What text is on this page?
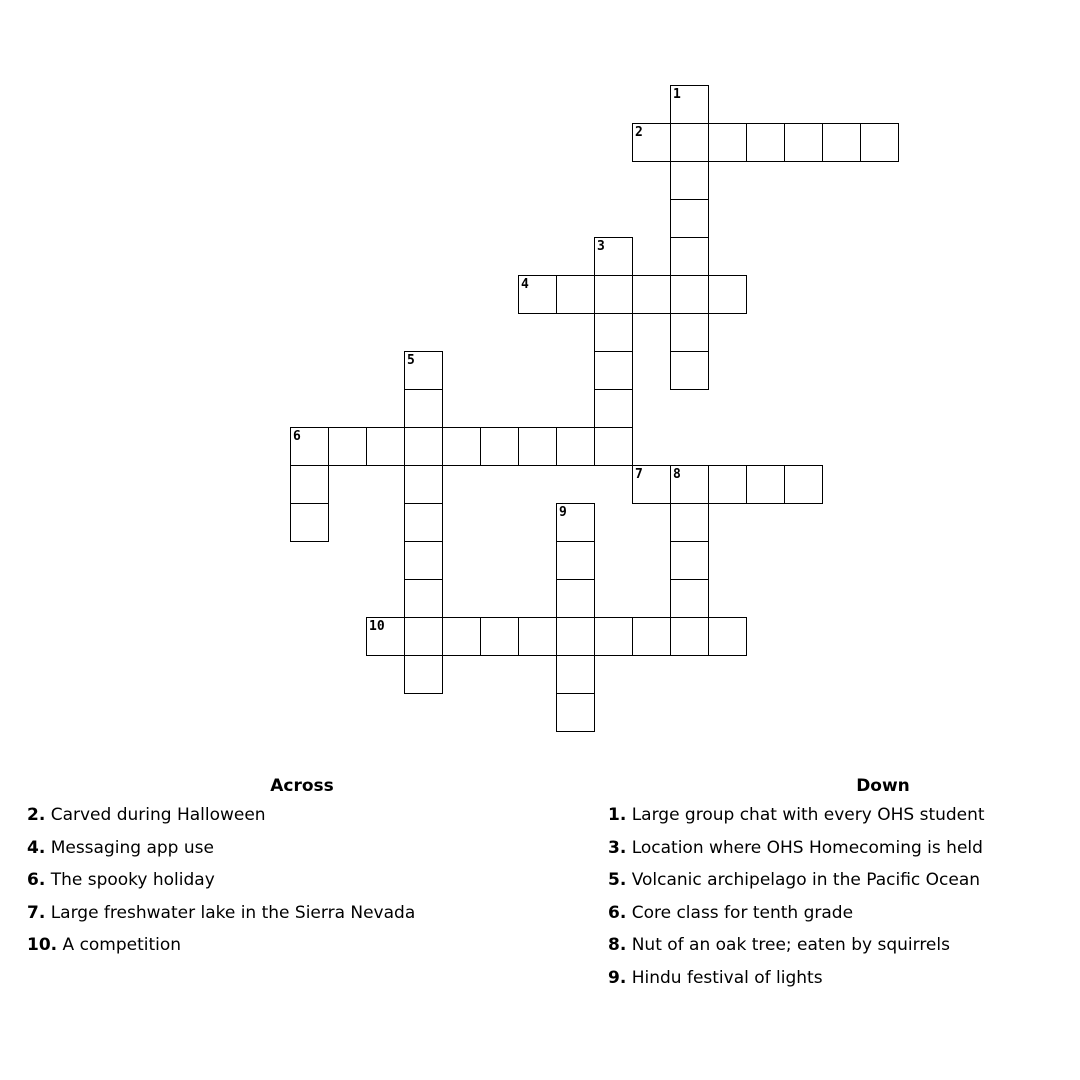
1
2
3
4
5
6
7 8
9
10
Across
2. Carved during Halloween
4. Messaging app use
6. The spooky holiday
7. Large freshwater lake in the Sierra Nevada
10. A competition
Down
1. Large group chat with every OHS student
3. Location where OHS Homecoming is held
5. Volcanic archipelago in the Pacific Ocean
6. Core class for tenth grade
8. Nut of an oak tree; eaten by squirrels
9. Hindu festival of lights
